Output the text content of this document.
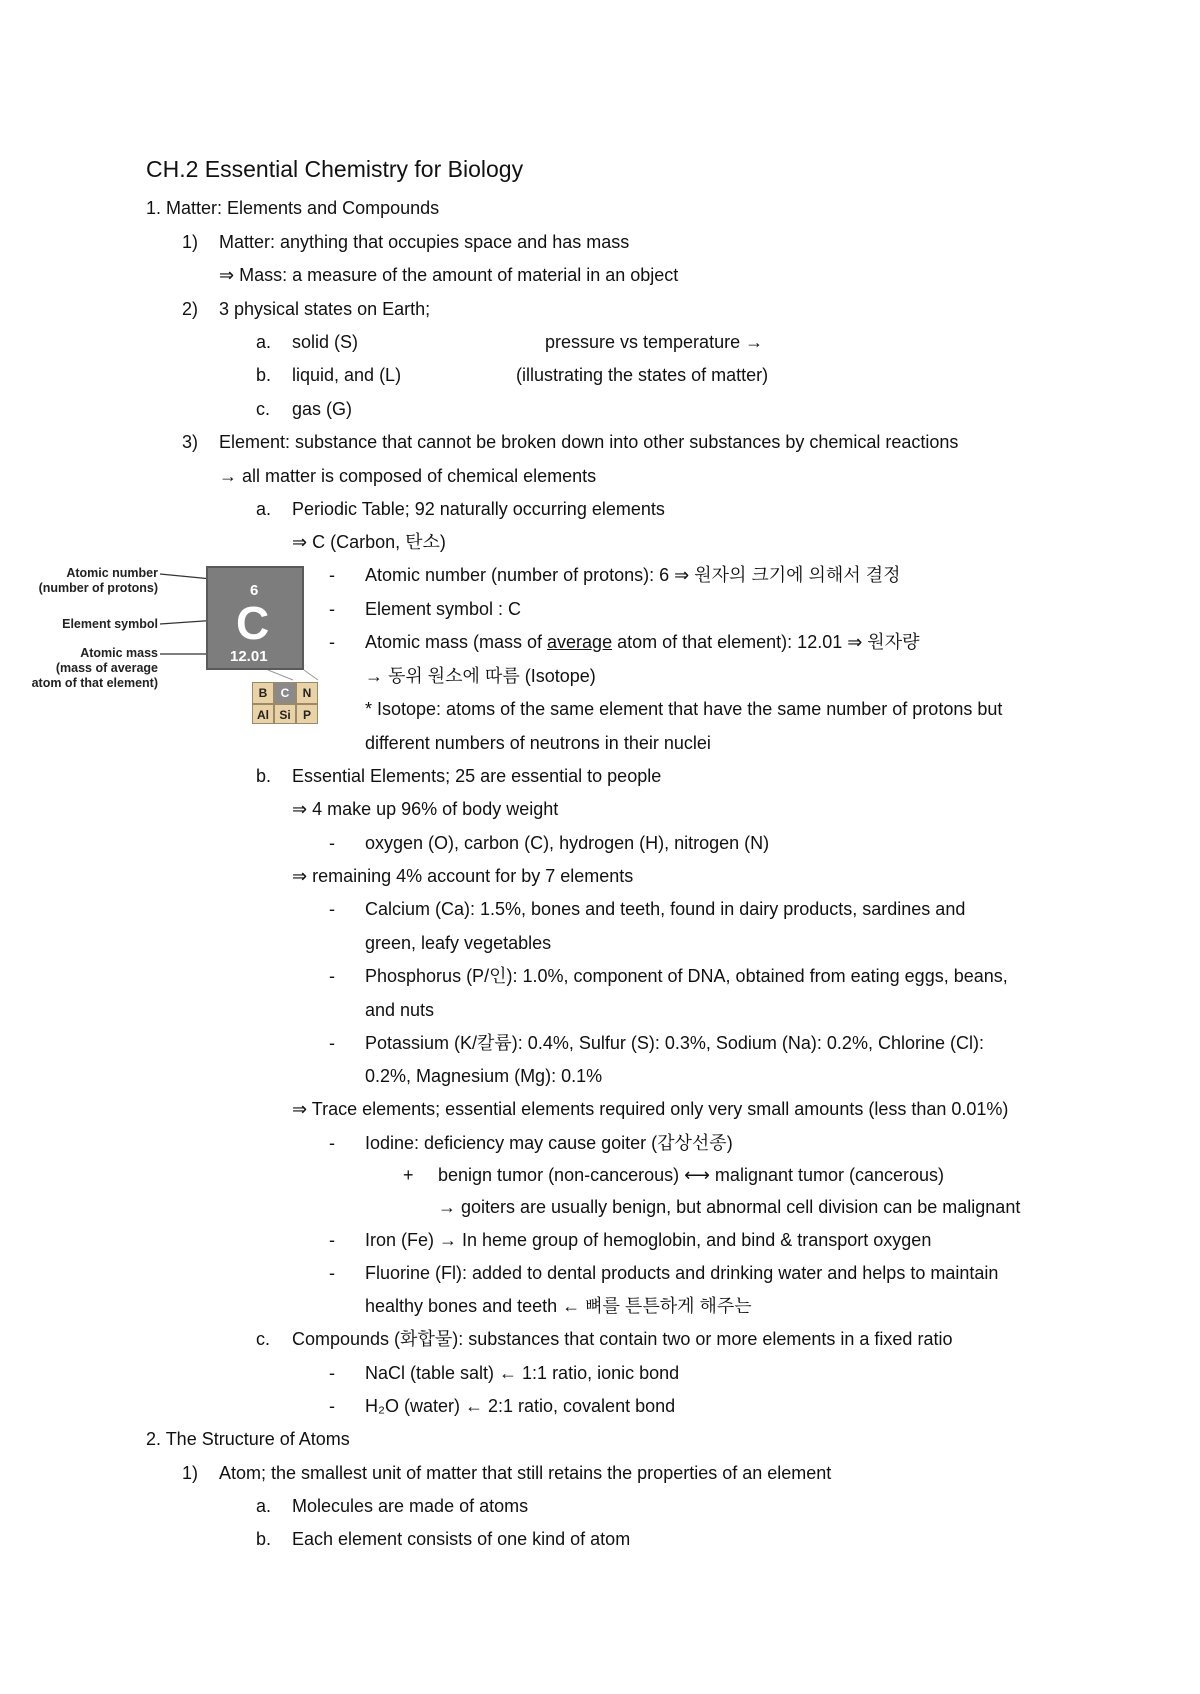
CH.2 Essential Chemistry for Biology
1. Matter: Elements and Compounds
1) Matter: anything that occupies space and has mass
⇒ Mass: a measure of the amount of material in an object
2) 3 physical states on Earth;
a. solid (S)	pressure vs temperature →
b. liquid, and (L)	(illustrating the states of matter)
c. gas (G)
3) Element: substance that cannot be broken down into other substances by chemical reactions
→ all matter is composed of chemical elements
a. Periodic Table; 92 naturally occurring elements
⇒ C (Carbon, 탄소)
- Atomic number (number of protons): 6 ⇒ 원자의 크기에 의해서 결정
- Element symbol : C
- Atomic mass (mass of average atom of that element): 12.01 ⇒ 원자량
→ 동위 원소에 따름 (Isotope)
* Isotope: atoms of the same element that have the same number of protons but
different numbers of neutrons in their nuclei
b. Essential Elements; 25 are essential to people
⇒ 4 make up 96% of body weight
- oxygen (O), carbon (C), hydrogen (H), nitrogen (N)
⇒ remaining 4% account for by 7 elements
- Calcium (Ca): 1.5%, bones and teeth, found in dairy products, sardines and
green, leafy vegetables
- Phosphorus (P/인): 1.0%, component of DNA, obtained from eating eggs, beans,
and nuts
- Potassium (K/칼륨): 0.4%, Sulfur (S): 0.3%, Sodium (Na): 0.2%, Chlorine (Cl):
0.2%, Magnesium (Mg): 0.1%
⇒ Trace elements; essential elements required only very small amounts (less than 0.01%)
- Iodine: deficiency may cause goiter (갑상선종)
+ benign tumor (non-cancerous) ⟷ malignant tumor (cancerous)
→ goiters are usually benign, but abnormal cell division can be malignant
- Iron (Fe) → In heme group of hemoglobin, and bind & transport oxygen
- Fluorine (Fl): added to dental products and drinking water and helps to maintain
healthy bones and teeth ← 뼈를 튼튼하게 해주는
c. Compounds (화합물): substances that contain two or more elements in a fixed ratio
- NaCl (table salt) ← 1:1 ratio, ionic bond
- H₂O (water) ← 2:1 ratio, covalent bond
2. The Structure of Atoms
1) Atom; the smallest unit of matter that still retains the properties of an element
a. Molecules are made of atoms
b. Each element consists of one kind of atom
Atomic number
(number of protons)
Element symbol
Atomic mass
(mass of average
atom of that element)
6
C
12.01
B	C	N
Al Si	P
